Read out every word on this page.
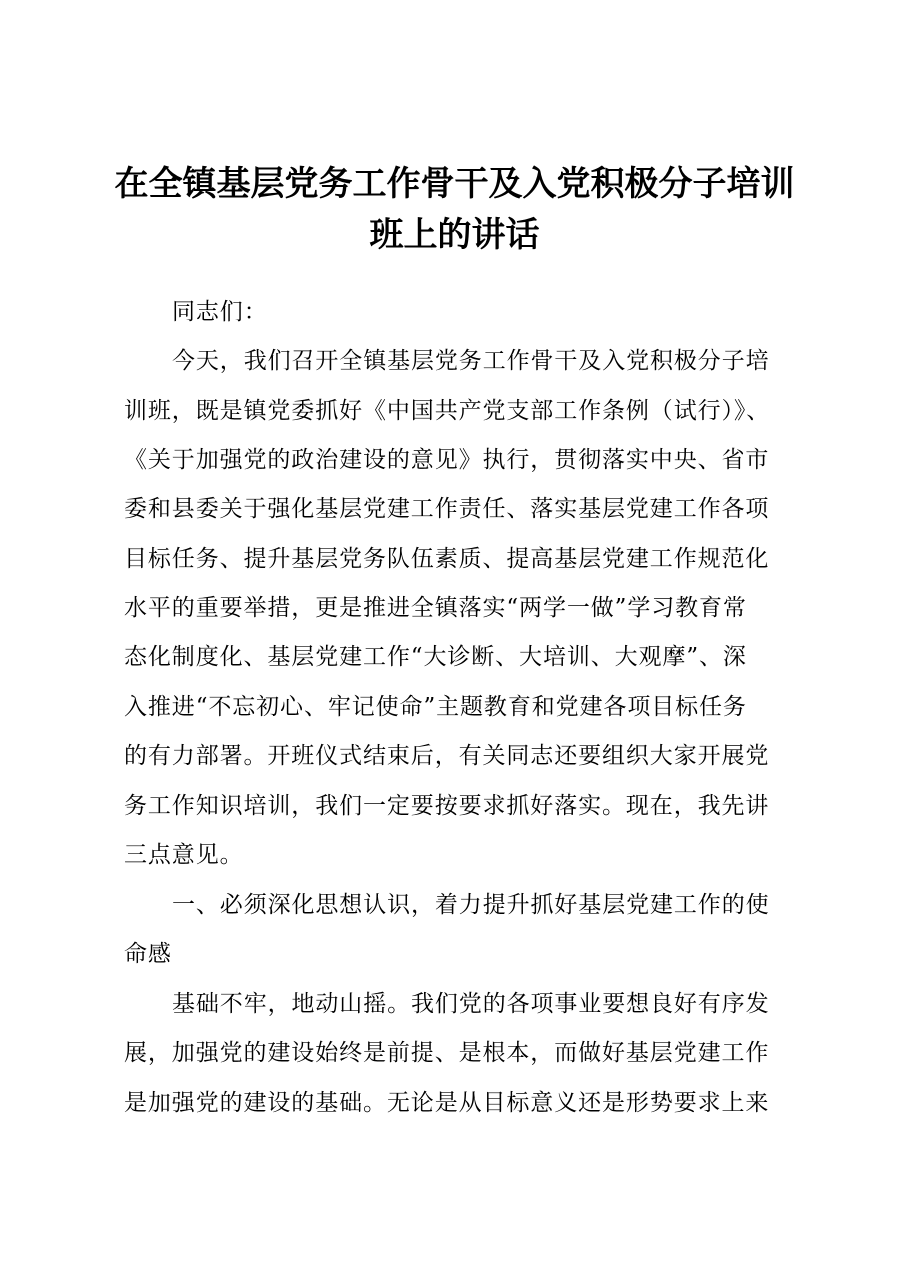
在全镇基层党务工作骨干及入党积极分子培训
班上的讲话
同志们：
今天，我们召开全镇基层党务工作骨干及入党积极分子培
训班，既是镇党委抓好《中国共产党支部工作条例（试行）》、
《关于加强党的政治建设的意见》执行，贯彻落实中央、省市
委和县委关于强化基层党建工作责任、落实基层党建工作各项
目标任务、提升基层党务队伍素质、提高基层党建工作规范化
水平的重要举措，更是推进全镇落实“两学一做”学习教育常
态化制度化、基层党建工作“大诊断、大培训、大观摩”、深
入推进“不忘初心、牢记使命”主题教育和党建各项目标任务
的有力部署。开班仪式结束后，有关同志还要组织大家开展党
务工作知识培训，我们一定要按要求抓好落实。现在，我先讲
三点意见。
一、必须深化思想认识，着力提升抓好基层党建工作的使
命感
基础不牢，地动山摇。我们党的各项事业要想良好有序发
展，加强党的建设始终是前提、是根本，而做好基层党建工作
是加强党的建设的基础。无论是从目标意义还是形势要求上来
